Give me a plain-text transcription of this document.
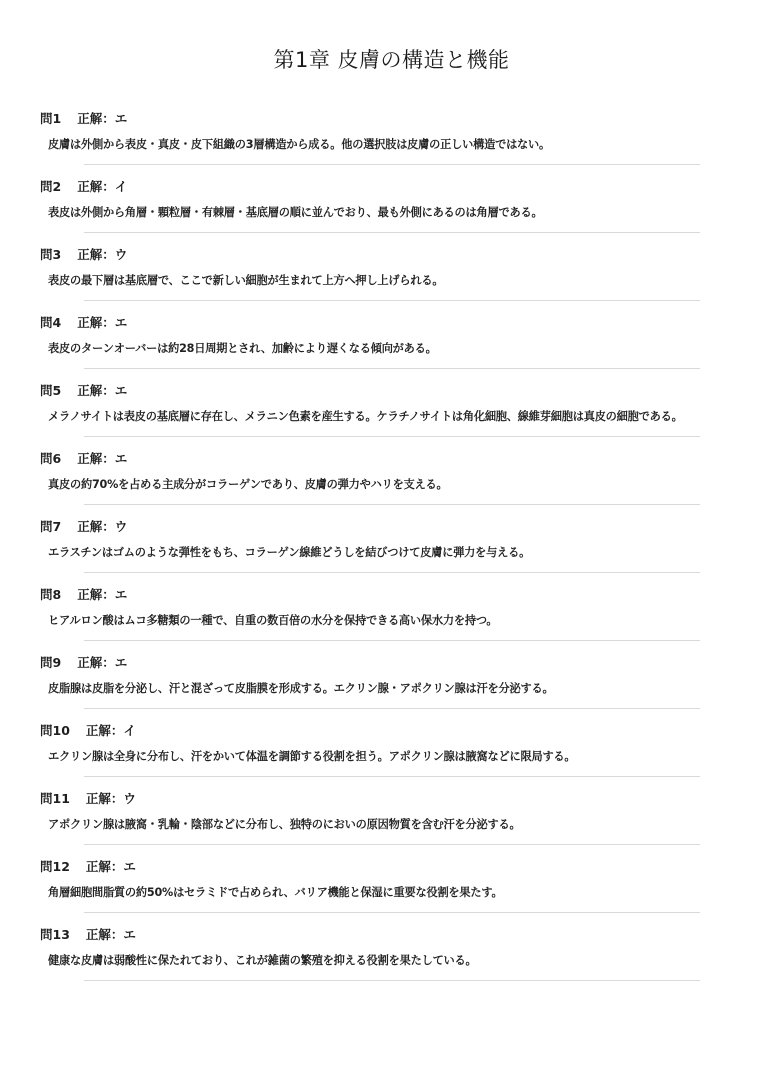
第1章 皮膚の構造と機能
問1 正解：エ
皮膚は外側から表皮・真皮・皮下組織の3層構造から成る。他の選択肢は皮膚の正しい構造ではない。
問2 正解：イ
表皮は外側から角層・顆粒層・有棘層・基底層の順に並んでおり、最も外側にあるのは角層である。
問3 正解：ウ
表皮の最下層は基底層で、ここで新しい細胞が生まれて上方へ押し上げられる。
問4 正解：エ
表皮のターンオーバーは約28日周期とされ、加齢により遅くなる傾向がある。
問5 正解：エ
メラノサイトは表皮の基底層に存在し、メラニン色素を産生する。ケラチノサイトは角化細胞、線維芽細胞は真皮の細胞である。
問6 正解：エ
真皮の約70%を占める主成分がコラーゲンであり、皮膚の弾力やハリを支える。
問7 正解：ウ
エラスチンはゴムのような弾性をもち、コラーゲン線維どうしを結びつけて皮膚に弾力を与える。
問8 正解：エ
ヒアルロン酸はムコ多糖類の一種で、自重の数百倍の水分を保持できる高い保水力を持つ。
問9 正解：エ
皮脂腺は皮脂を分泌し、汗と混ざって皮脂膜を形成する。エクリン腺・アポクリン腺は汗を分泌する。
問10 正解：イ
エクリン腺は全身に分布し、汗をかいて体温を調節する役割を担う。アポクリン腺は腋窩などに限局する。
問11 正解：ウ
アポクリン腺は腋窩・乳輪・陰部などに分布し、独特のにおいの原因物質を含む汗を分泌する。
問12 正解：エ
角層細胞間脂質の約50%はセラミドで占められ、バリア機能と保湿に重要な役割を果たす。
問13 正解：エ
健康な皮膚は弱酸性に保たれており、これが雑菌の繁殖を抑える役割を果たしている。
